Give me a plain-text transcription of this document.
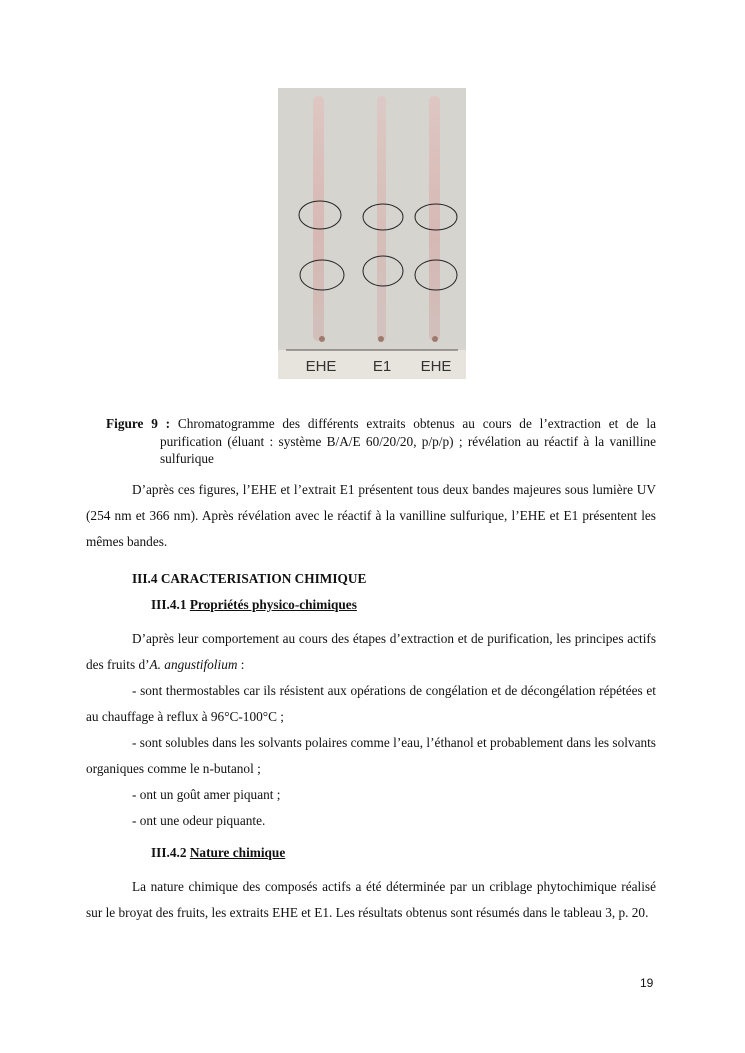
EHE E1 EHE
Figure 9 : Chromatogramme des différents extraits obtenus au cours de l’extraction et de la purification (éluant : système B/A/E 60/20/20, p/p/p) ; révélation au réactif à la vanilline sulfurique
D’après ces figures, l’EHE et l’extrait E1 présentent tous deux bandes majeures sous lumière UV (254 nm et 366 nm). Après révélation avec le réactif à la vanilline sulfurique, l’EHE et E1 présentent les mêmes bandes.
III.4 CARACTERISATION CHIMIQUE
III.4.1 Propriétés physico-chimiques
D’après leur comportement au cours des étapes d’extraction et de purification, les principes actifs des fruits d’A. angustifolium :
- sont thermostables car ils résistent aux opérations de congélation et de décongélation répétées et au chauffage à reflux à 96°C-100°C ;
- sont solubles dans les solvants polaires comme l’eau, l’éthanol et probablement dans les solvants organiques comme le n-butanol ;
- ont un goût amer piquant ;
- ont une odeur piquante.
III.4.2 Nature chimique
La nature chimique des composés actifs a été déterminée par un criblage phytochimique réalisé sur le broyat des fruits, les extraits EHE et E1. Les résultats obtenus sont résumés dans le tableau 3, p. 20.
19
